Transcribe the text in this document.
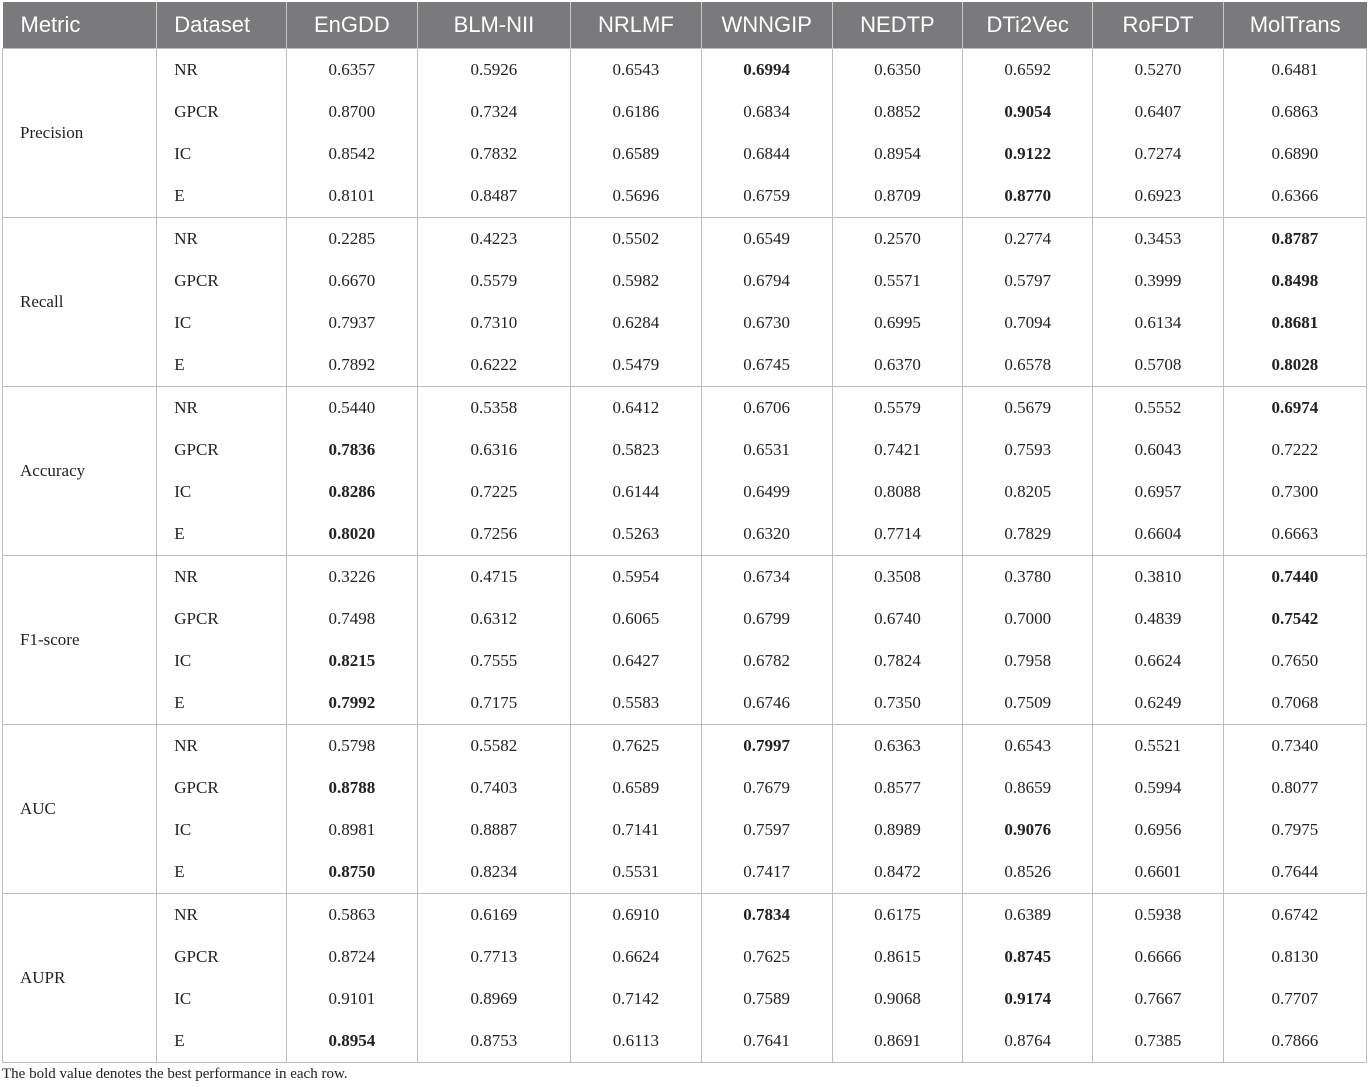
Metric	Dataset	EnGDD	BLM-NII	NRLMF	WNNGIP	NEDTP	DTi2Vec	RoFDT	MolTrans
Precision	NR	0.6357	0.5926	0.6543	0.6994	0.6350	0.6592	0.5270	0.6481
	GPCR	0.8700	0.7324	0.6186	0.6834	0.8852	0.9054	0.6407	0.6863
	IC	0.8542	0.7832	0.6589	0.6844	0.8954	0.9122	0.7274	0.6890
	E	0.8101	0.8487	0.5696	0.6759	0.8709	0.8770	0.6923	0.6366
Recall	NR	0.2285	0.4223	0.5502	0.6549	0.2570	0.2774	0.3453	0.8787
	GPCR	0.6670	0.5579	0.5982	0.6794	0.5571	0.5797	0.3999	0.8498
	IC	0.7937	0.7310	0.6284	0.6730	0.6995	0.7094	0.6134	0.8681
	E	0.7892	0.6222	0.5479	0.6745	0.6370	0.6578	0.5708	0.8028
Accuracy	NR	0.5440	0.5358	0.6412	0.6706	0.5579	0.5679	0.5552	0.6974
	GPCR	0.7836	0.6316	0.5823	0.6531	0.7421	0.7593	0.6043	0.7222
	IC	0.8286	0.7225	0.6144	0.6499	0.8088	0.8205	0.6957	0.7300
	E	0.8020	0.7256	0.5263	0.6320	0.7714	0.7829	0.6604	0.6663
F1-score	NR	0.3226	0.4715	0.5954	0.6734	0.3508	0.3780	0.3810	0.7440
	GPCR	0.7498	0.6312	0.6065	0.6799	0.6740	0.7000	0.4839	0.7542
	IC	0.8215	0.7555	0.6427	0.6782	0.7824	0.7958	0.6624	0.7650
	E	0.7992	0.7175	0.5583	0.6746	0.7350	0.7509	0.6249	0.7068
AUC	NR	0.5798	0.5582	0.7625	0.7997	0.6363	0.6543	0.5521	0.7340
	GPCR	0.8788	0.7403	0.6589	0.7679	0.8577	0.8659	0.5994	0.8077
	IC	0.8981	0.8887	0.7141	0.7597	0.8989	0.9076	0.6956	0.7975
	E	0.8750	0.8234	0.5531	0.7417	0.8472	0.8526	0.6601	0.7644
AUPR	NR	0.5863	0.6169	0.6910	0.7834	0.6175	0.6389	0.5938	0.6742
	GPCR	0.8724	0.7713	0.6624	0.7625	0.8615	0.8745	0.6666	0.8130
	IC	0.9101	0.8969	0.7142	0.7589	0.9068	0.9174	0.7667	0.7707
	E	0.8954	0.8753	0.6113	0.7641	0.8691	0.8764	0.7385	0.7866
The bold value denotes the best performance in each row.
